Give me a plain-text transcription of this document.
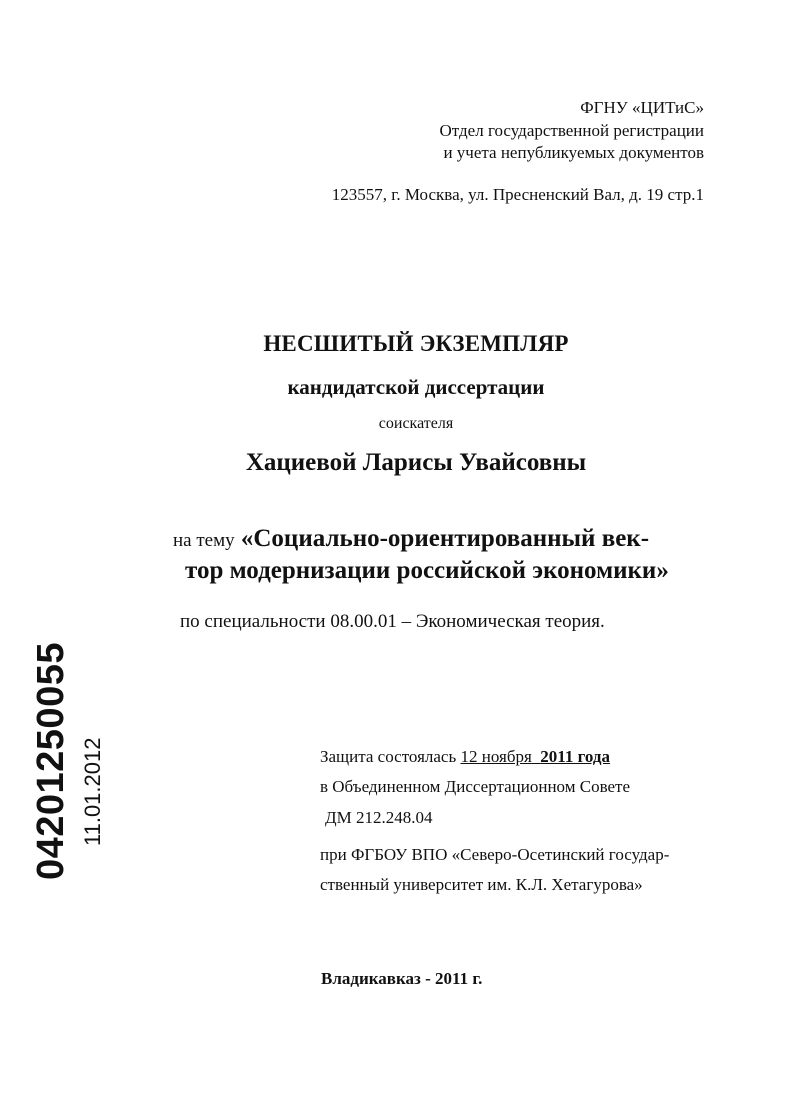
ФГНУ «ЦИТиС»
Отдел государственной регистрации
и учета непубликуемых документов
123557, г. Москва, ул. Пресненский Вал, д. 19 стр.1
НЕСШИТЫЙ ЭКЗЕМПЛЯР
кандидатской диссертации
соискателя
Хациевой Ларисы Увайсовны
на тему «Социально-ориентированный век-
тор модернизации российской экономики»
по специальности 08.00.01 – Экономическая теория.
Защита состоялась 12 ноября 2011 года
в Объединенном Диссертационном Совете
ДМ 212.248.04
при ФГБОУ ВПО «Северо-Осетинский государ-
ственный университет им. К.Л. Хетагурова»
Владикавказ - 2011 г.
04201250055 11.01.2012
